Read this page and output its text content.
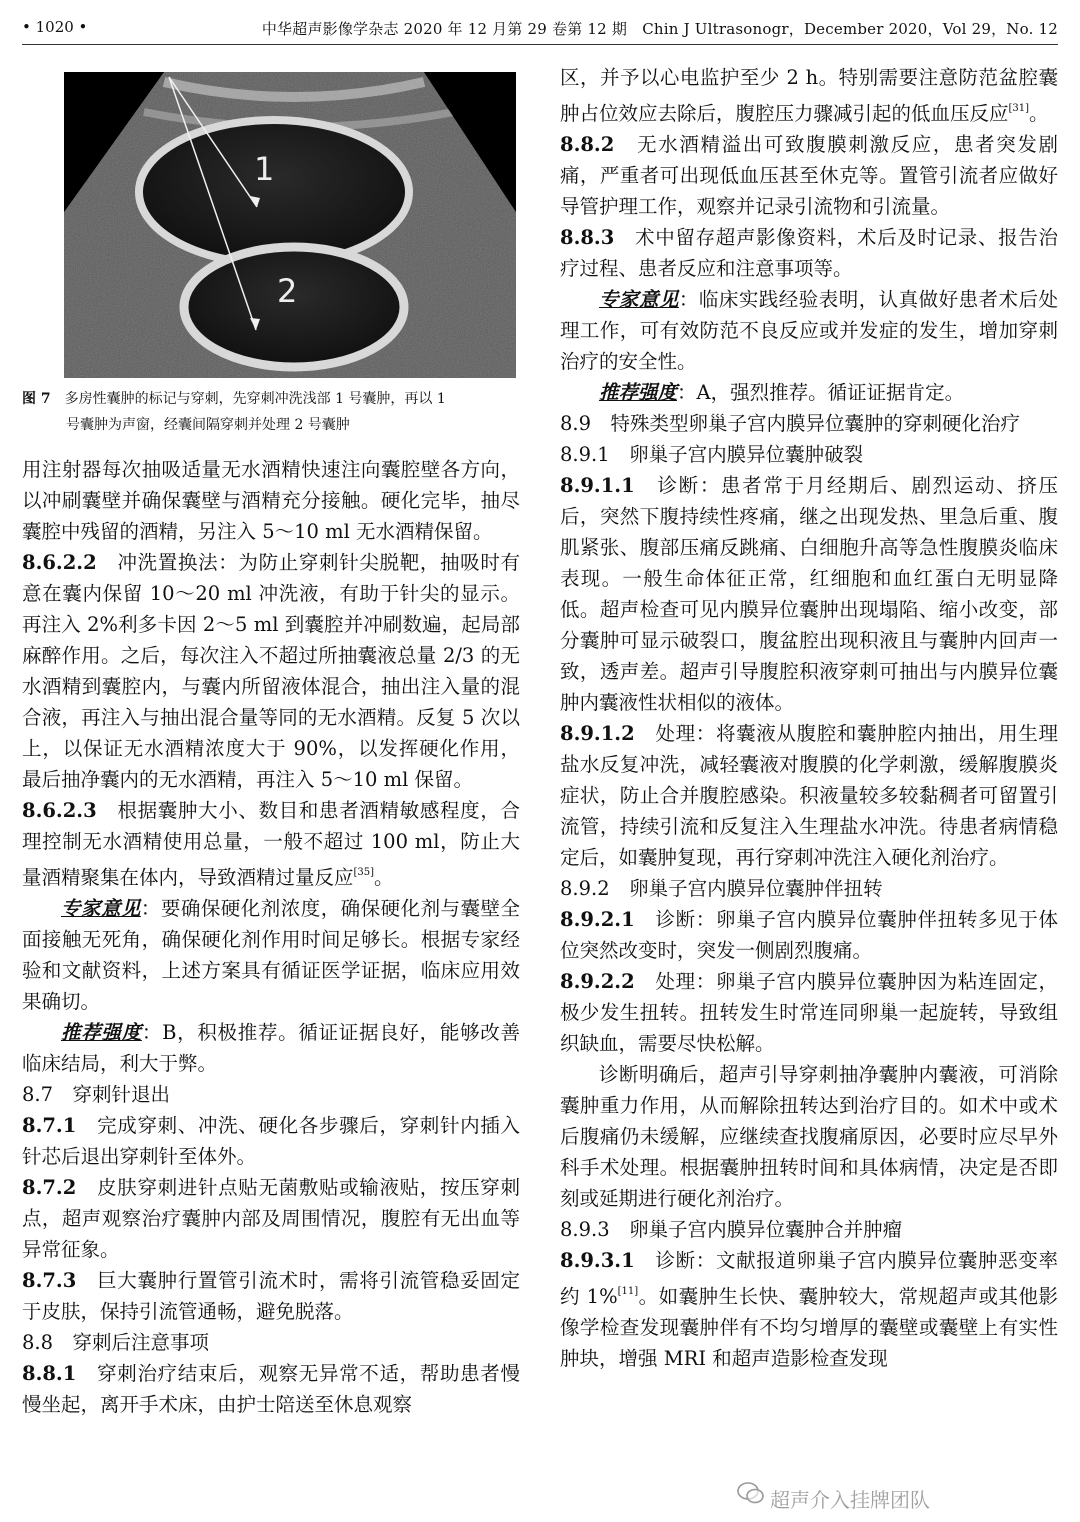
• 1020 •	中华超声影像学杂志 2020 年 12 月第 29 卷第 12 期　Chin J Ultrasonogr，December 2020，Vol 29，No. 12
1
2
图 7　 多房性囊肿的标记与穿刺，先穿刺冲洗浅部 1 号囊肿，再以 1
号囊肿为声窗，经囊间隔穿刺并处理 2 号囊肿

用注射器每次抽吸适量无水酒精快速注向囊腔壁各方向，以冲刷囊壁并确保囊壁与酒精充分接触。硬化完毕，抽尽囊腔中残留的酒精，另注入 5～10 ml 无水酒精保留。

8.6.2.2　 冲洗置换法：为防止穿刺针尖脱靶，抽吸时有意在囊内保留 10～20 ml 冲洗液，有助于针尖的显示。再注入 2%利多卡因 2～5 ml 到囊腔并冲刷数遍，起局部麻醉作用。之后，每次注入不超过所抽囊液总量 2/3 的无水酒精到囊腔内，与囊内所留液体混合，抽出注入量的混合液，再注入与抽出混合量等同的无水酒精。反复 5 次以上，以保证无水酒精浓度大于 90%，以发挥硬化作用，最后抽净囊内的无水酒精，再注入 5～10 ml 保留。

8.6.2.3　 根据囊肿大小、数目和患者酒精敏感程度，合理控制无水酒精使用总量，一般不超过 100 ml，防止大量酒精聚集在体内，导致酒精过量反应[35]。

专家意见：要确保硬化剂浓度，确保硬化剂与囊壁全面接触无死角，确保硬化剂作用时间足够长。根据专家经验和文献资料，上述方案具有循证医学证据，临床应用效果确切。

推荐强度：B，积极推荐。循证证据良好，能够改善临床结局，利大于弊。

8.7　穿刺针退出

8.7.1　 完成穿刺、冲洗、硬化各步骤后，穿刺针内插入针芯后退出穿刺针至体外。

8.7.2　 皮肤穿刺进针点贴无菌敷贴或输液贴，按压穿刺点，超声观察治疗囊肿内部及周围情况，腹腔有无出血等异常征象。

8.7.3　 巨大囊肿行置管引流术时，需将引流管稳妥固定于皮肤，保持引流管通畅，避免脱落。

8.8　穿刺后注意事项

8.8.1　 穿刺治疗结束后，观察无异常不适，帮助患者慢慢坐起，离开手术床，由护士陪送至休息观察

区，并予以心电监护至少 2 h。特别需要注意防范盆腔囊肿占位效应去除后，腹腔压力骤减引起的低血压反应[31]。

8.8.2　 无水酒精溢出可致腹膜刺激反应，患者突发剧痛，严重者可出现低血压甚至休克等。置管引流者应做好导管护理工作，观察并记录引流物和引流量。

8.8.3　 术中留存超声影像资料，术后及时记录、报告治疗过程、患者反应和注意事项等。

专家意见：临床实践经验表明，认真做好患者术后处理工作，可有效防范不良反应或并发症的发生，增加穿刺治疗的安全性。

推荐强度：A，强烈推荐。循证证据肯定。

8.9　特殊类型卵巢子宫内膜异位囊肿的穿刺硬化治疗

8.9.1　卵巢子宫内膜异位囊肿破裂

8.9.1.1　 诊断：患者常于月经期后、剧烈运动、挤压后，突然下腹持续性疼痛，继之出现发热、里急后重、腹肌紧张、腹部压痛反跳痛、白细胞升高等急性腹膜炎临床表现。一般生命体征正常，红细胞和血红蛋白无明显降低。超声检查可见内膜异位囊肿出现塌陷、缩小改变，部分囊肿可显示破裂口，腹盆腔出现积液且与囊肿内回声一致，透声差。超声引导腹腔积液穿刺可抽出与内膜异位囊肿内囊液性状相似的液体。

8.9.1.2　 处理：将囊液从腹腔和囊肿腔内抽出，用生理盐水反复冲洗，减轻囊液对腹膜的化学刺激，缓解腹膜炎症状，防止合并腹腔感染。积液量较多较黏稠者可留置引流管，持续引流和反复注入生理盐水冲洗。待患者病情稳定后，如囊肿复现，再行穿刺冲洗注入硬化剂治疗。

8.9.2　卵巢子宫内膜异位囊肿伴扭转

8.9.2.1　 诊断：卵巢子宫内膜异位囊肿伴扭转多见于体位突然改变时，突发一侧剧烈腹痛。

8.9.2.2　 处理：卵巢子宫内膜异位囊肿因为粘连固定，极少发生扭转。扭转发生时常连同卵巢一起旋转，导致组织缺血，需要尽快松解。

诊断明确后，超声引导穿刺抽净囊肿内囊液，可消除囊肿重力作用，从而解除扭转达到治疗目的。如术中或术后腹痛仍未缓解，应继续查找腹痛原因，必要时应尽早外科手术处理。根据囊肿扭转时间和具体病情，决定是否即刻或延期进行硬化剂治疗。

8.9.3　卵巢子宫内膜异位囊肿合并肿瘤

8.9.3.1　 诊断：文献报道卵巢子宫内膜异位囊肿恶变率约 1%[11]。如囊肿生长快、囊肿较大，常规超声或其他影像学检查发现囊肿伴有不均匀增厚的囊壁或囊壁上有实性肿块，增强 MRI 和超声造影检查发现

超声介入挂牌团队
